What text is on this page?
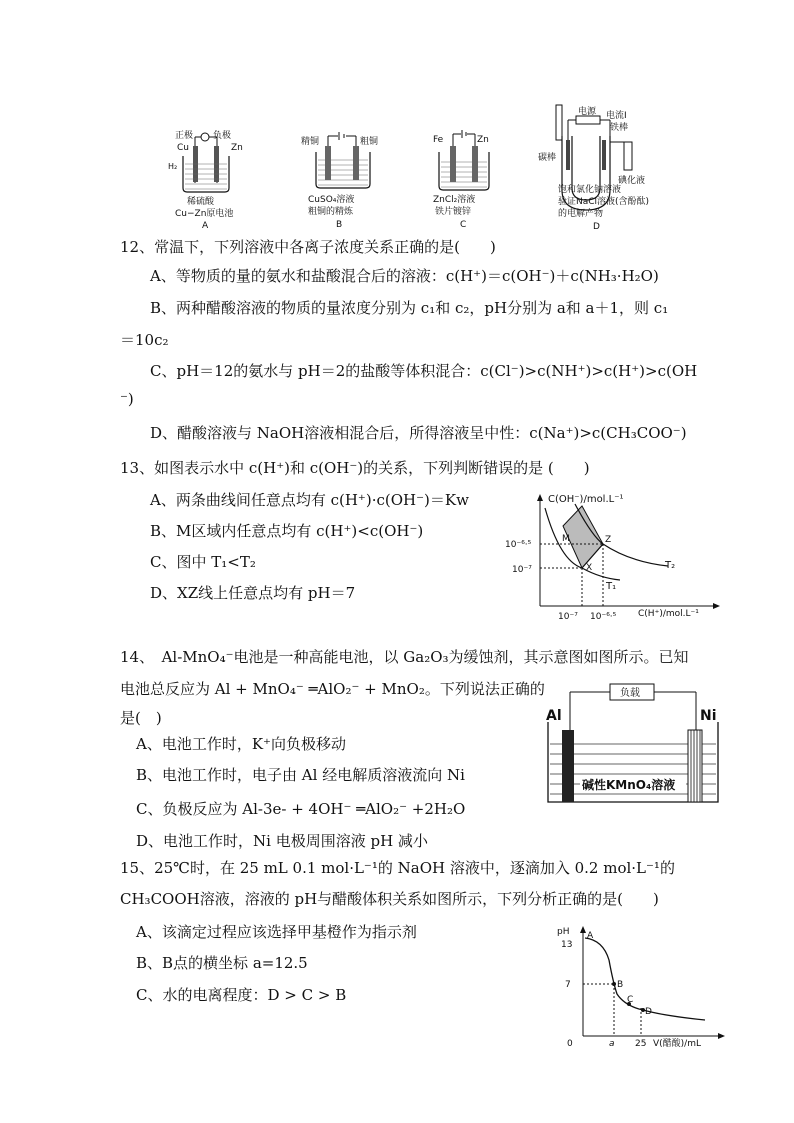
正极 负极
Cu	Zn
H₂
稀硫酸
Cu−Zn原电池
A
精铜	粗铜
CuSO₄溶液
粗铜的精炼
B
Fe	Zn
ZnCl₂溶液
铁片镀锌
C
电源 电流I
铁棒
碳棒
碘化液
饱和氯化钠溶液
验证NaCl溶液(含酚酞)
的电解产物
D
12、常温下，下列溶液中各离子浓度关系正确的是(　　)
A、等物质的量的氨水和盐酸混合后的溶液：c(H⁺)＝c(OH⁻)＋c(NH₃·H₂O)
B、两种醋酸溶液的物质的量浓度分别为 c₁和 c₂，pH分别为 a和 a＋1，则 c₁
＝10c₂
C、pH＝12的氨水与 pH＝2的盐酸等体积混合：c(Cl⁻)>c(NH⁺)>c(H⁺)>c(OH
⁻)
D、醋酸溶液与 NaOH溶液相混合后，所得溶液呈中性：c(Na⁺)>c(CH₃COO⁻)
13、如图表示水中 c(H⁺)和 c(OH⁻)的关系，下列判断错误的是 (　　)
A、两条曲线间任意点均有 c(H⁺)·c(OH⁻)＝Kw
B、M区域内任意点均有 c(H⁺)<c(OH⁻)
C、图中 T₁<T₂
D、XZ线上任意点均有 pH＝7
C(OH⁻)/mol.L⁻¹
C(H⁺)/mol.L⁻¹
10⁻⁶·⁵
10⁻⁷
10⁻⁷ 10⁻⁶·⁵
M	Z
X
T₁
T₂
14、　Al-MnO₄⁻电池是一种高能电池，以 Ga₂O₃为缓蚀剂，其示意图如图所示。已知
电池总反应为 Al + MnO₄⁻ ═AlO₂⁻ + MnO₂。下列说法正确的
是(　)
A、电池工作时，K⁺向负极移动
B、电池工作时，电子由 Al 经电解质溶液流向 Ni
C、负极反应为 Al-3e- + 4OH⁻ ═AlO₂⁻ +2H₂O
D、电池工作时，Ni 电极周围溶液 pH 减小
Al	Ni
负载
碱性KMnO₄溶液
15、25℃时，在 25 mL 0.1 mol·L⁻¹的 NaOH 溶液中，逐滴加入 0.2 mol·L⁻¹的
CH₃COOH溶液，溶液的 pH与醋酸体积关系如图所示，下列分析正确的是(　　)
A、该滴定过程应该选择甲基橙作为指示剂
B、B点的横坐标 a=12.5
C、水的电离程度：D > C > B
pH
13
7
0	a 25 V(醋酸)/mL
A
B
C
D
